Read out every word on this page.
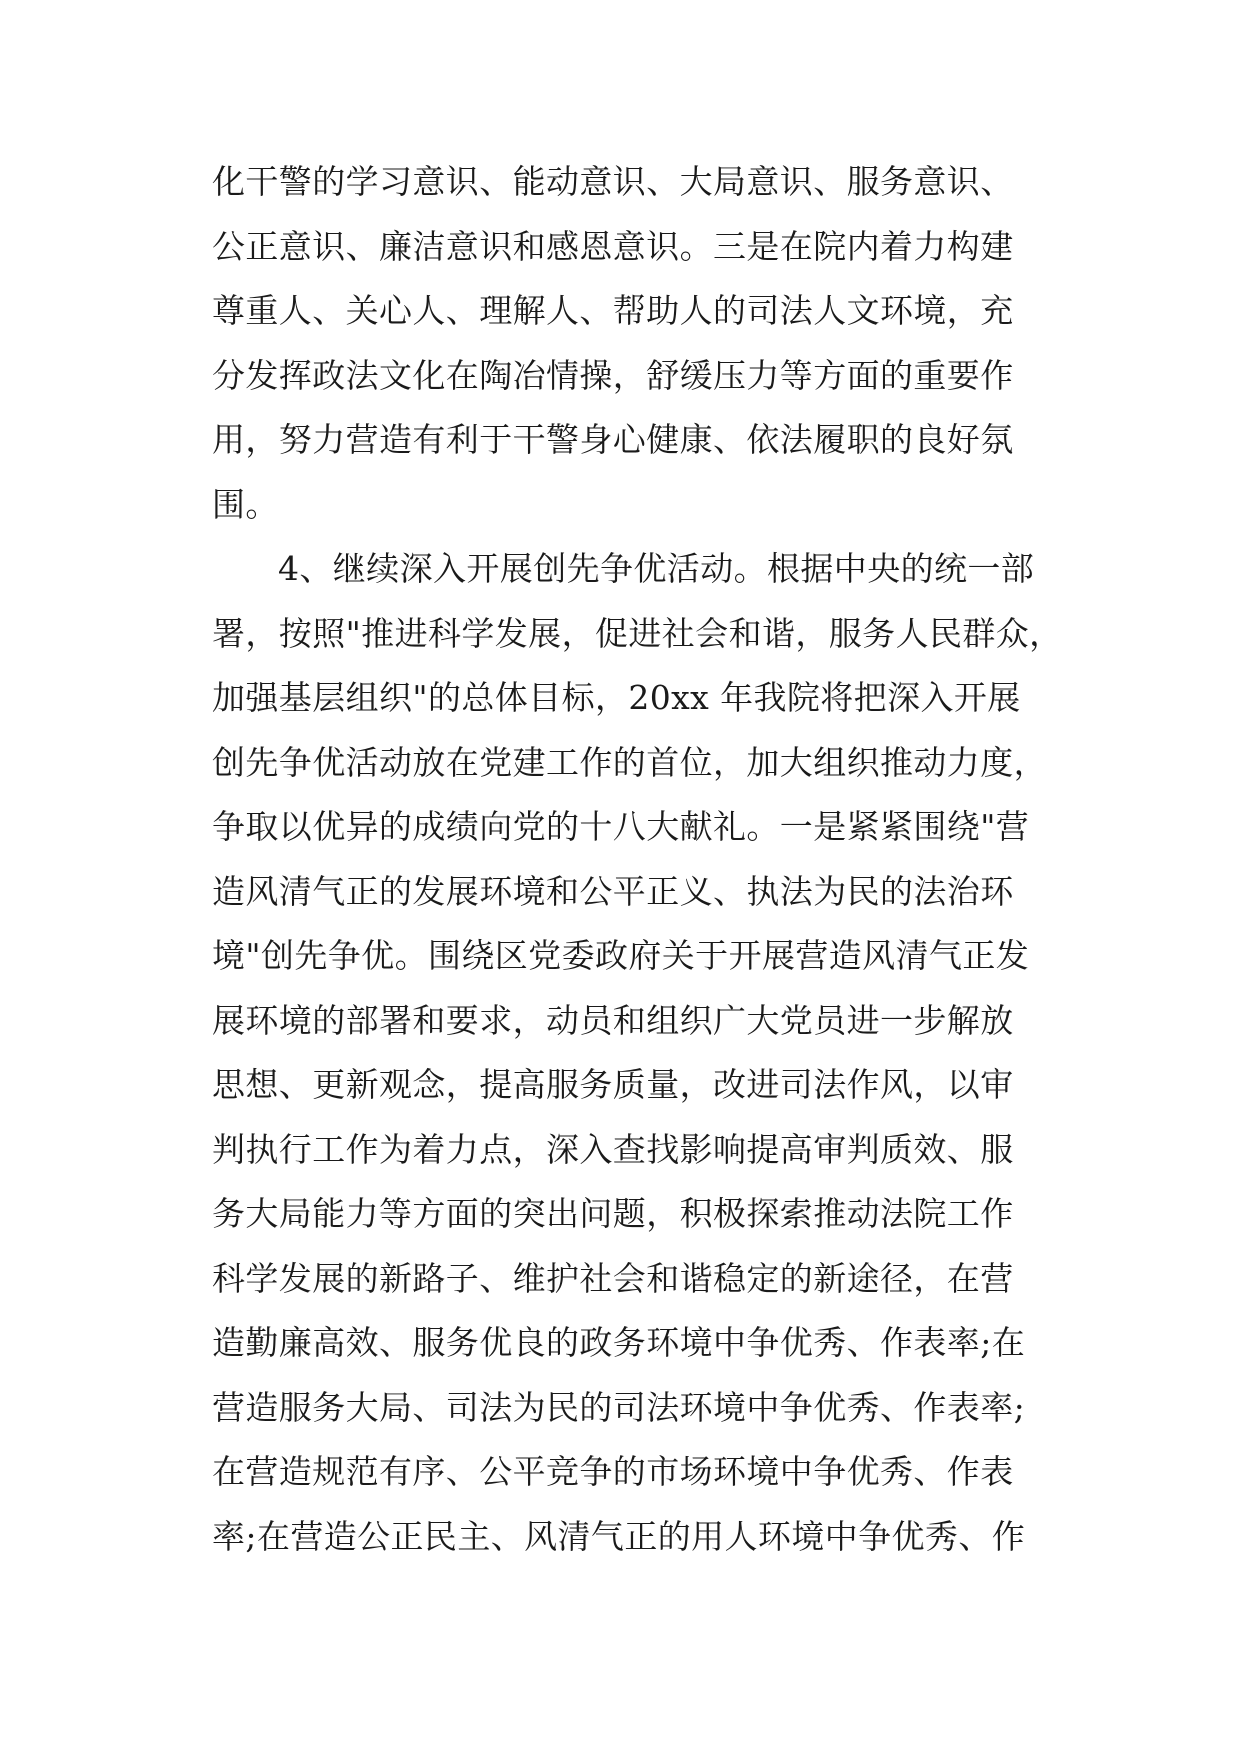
化干警的学习意识、能动意识、大局意识、服务意识、
公正意识、廉洁意识和感恩意识。三是在院内着力构建
尊重人、关心人、理解人、帮助人的司法人文环境，充
分发挥政法文化在陶冶情操，舒缓压力等方面的重要作
用，努力营造有利于干警身心健康、依法履职的良好氛
围。
4、继续深入开展创先争优活动。根据中央的统一部
署，按照"推进科学发展，促进社会和谐，服务人民群众，
加强基层组织"的总体目标，20xx 年我院将把深入开展
创先争优活动放在党建工作的首位，加大组织推动力度，
争取以优异的成绩向党的十八大献礼。一是紧紧围绕"营
造风清气正的发展环境和公平正义、执法为民的法治环
境"创先争优。围绕区党委政府关于开展营造风清气正发
展环境的部署和要求，动员和组织广大党员进一步解放
思想、更新观念，提高服务质量，改进司法作风，以审
判执行工作为着力点，深入查找影响提高审判质效、服
务大局能力等方面的突出问题，积极探索推动法院工作
科学发展的新路子、维护社会和谐稳定的新途径，在营
造勤廉高效、服务优良的政务环境中争优秀、作表率;在
营造服务大局、司法为民的司法环境中争优秀、作表率;
在营造规范有序、公平竞争的市场环境中争优秀、作表
率;在营造公正民主、风清气正的用人环境中争优秀、作
